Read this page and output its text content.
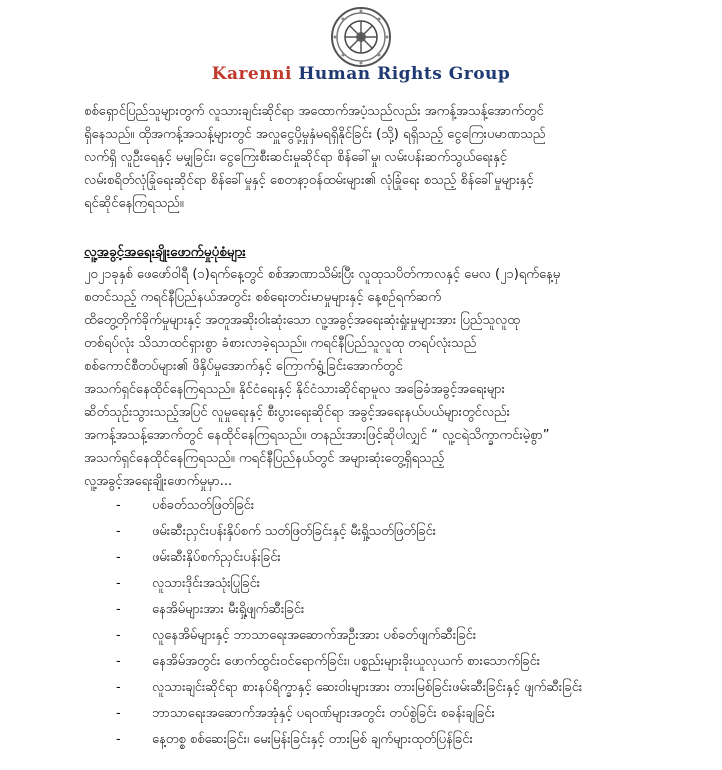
Karenni Human Rights Group
စစ်ရှောင်ပြည်သူများတွက် လူသားချင်းဆိုင်ရာ အထောက်အပံ့သည်လည်း အကန့်အသန့်အောက်တွင်
ရှိနေသည်။ ထိုအကန့်အသန့်များတွင် အလှူငွေပို့မှုနှံမရရှိနိုင်ခြင်း (သို့) ရရှိသည့် ငွေကြေးပမာဏသည်
လက်ရှိ လူဦးရေနှင့် မမျှခြင်း၊ ငွေကြေးစီးဆင်းမှုဆိုင်ရာ စိန်ခေါ်မှု၊ လမ်းပန်းဆက်သွယ်ရေးနှင့်
လမ်းစရိတ်လုံခြုံရေးဆိုင်ရာ စိန်ခေါ်မှုနှင့် စေတနာ့ဝန်ထမ်းများ၏ လုံခြုံရေး စသည့် စိန်ခေါ်မှုများနှင့်
ရင်ဆိုင်နေကြရသည်။
လူ့အခွင့်အရေးချိုးဖောက်မှုပုံစံများ
၂၀၂၁ခုနှစ် ဖေဖော်ဝါရီ (၁)ရက်နေ့တွင် စစ်အာဏာသိမ်းပြီး လူထုသပိတ်ကာလနှင့် မေလ (၂၁)ရက်နေ့မှ
စတင်သည့် ကရင်နီပြည်နယ်အတွင်း စစ်ရေးတင်းမာမှုများနှင့် နေ့စဉ်ရက်ဆက်
ထိတွေ့တိုက်ခိုက်မှုများနှင့် အတူအဆိုးဝါးဆုံးသော လူ့အခွင့်အရေးဆုံးရှုံးမှုများအား ပြည်သူလူထု
တစ်ရပ်လုံး သိသာထင်ရှားစွာ ခံစားလာခဲ့ရသည်။ ကရင်နီပြည်သူလူထု တရပ်လုံးသည်
စစ်ကောင်စီတပ်များ၏ ဖိနှိပ်မှုအောက်နှင့် ကြောက်ရွံ့ခြင်းအောက်တွင်
အသက်ရှင်နေထိုင်နေကြရသည်။ နိုင်ငံရေးနှင့် နိုင်ငံသားဆိုင်ရာမူလ အခြေခံအခွင့်အရေးများ
ဆိတ်သုဉ်းသွားသည့်အပြင် လူမှုရေးနှင့် စီးပွားရေးဆိုင်ရာ အခွင့်အရေးနယ်ပယ်များတွင်လည်း
အကန့်အသန့်အောက်တွင် နေထိုင်နေကြရသည်။ တနည်းအားဖြင့်ဆိုပါလျှင် “ လူ့ငရဲသိက္ခာကင်းမဲ့စွာ”
အသက်ရှင်နေထိုင်နေကြရသည်။ ကရင်နီပြည်နယ်တွင် အများဆုံးတွေ့ရှိရသည့်
လူ့အခွင့်အရေးချိုးဖောက်မှုမှာ...
- ပစ်ခတ်သတ်ဖြတ်ခြင်း
- ဖမ်းဆီးညှင်းပန်းနှိပ်စက် သတ်ဖြတ်ခြင်းနှင့် မီးရှို့သတ်ဖြတ်ခြင်း
- ဖမ်းဆီးနှိပ်စက်ညှင်းပန်းခြင်း
- လူသားဒိုင်းအသုံးပြုခြင်း
- နေအိမ်များအား မီးရှို့ဖျက်ဆီးခြင်း
- လူနေအိမ်များနှင့် ဘာသာရေးအဆောက်အဦးအား ပစ်ခတ်ဖျက်ဆီးခြင်း
- နေအိမ်အတွင်း ဖောက်ထွင်းဝင်ရောက်ခြင်း၊ ပစ္စည်းများခိုးယူလုယက် စားသောက်ခြင်း
- လူသားချင်းဆိုင်ရာ စားနပ်ရိက္ခာနှင့် ဆေးဝါးများအား တားမြစ်ခြင်းဖမ်းဆီးခြင်းနှင့် ဖျက်ဆီးခြင်း
- ဘာသာရေးအဆောက်အအုံနှင့် ပရဝဏ်များအတွင်း တပ်စွဲခြင်း စခန်းချခြင်း
- နေ့တစ္စ စစ်ဆေးခြင်း၊ မေးမြန်းခြင်းနှင့် တားမြစ် ချက်များထုတ်ပြန်ခြင်း
